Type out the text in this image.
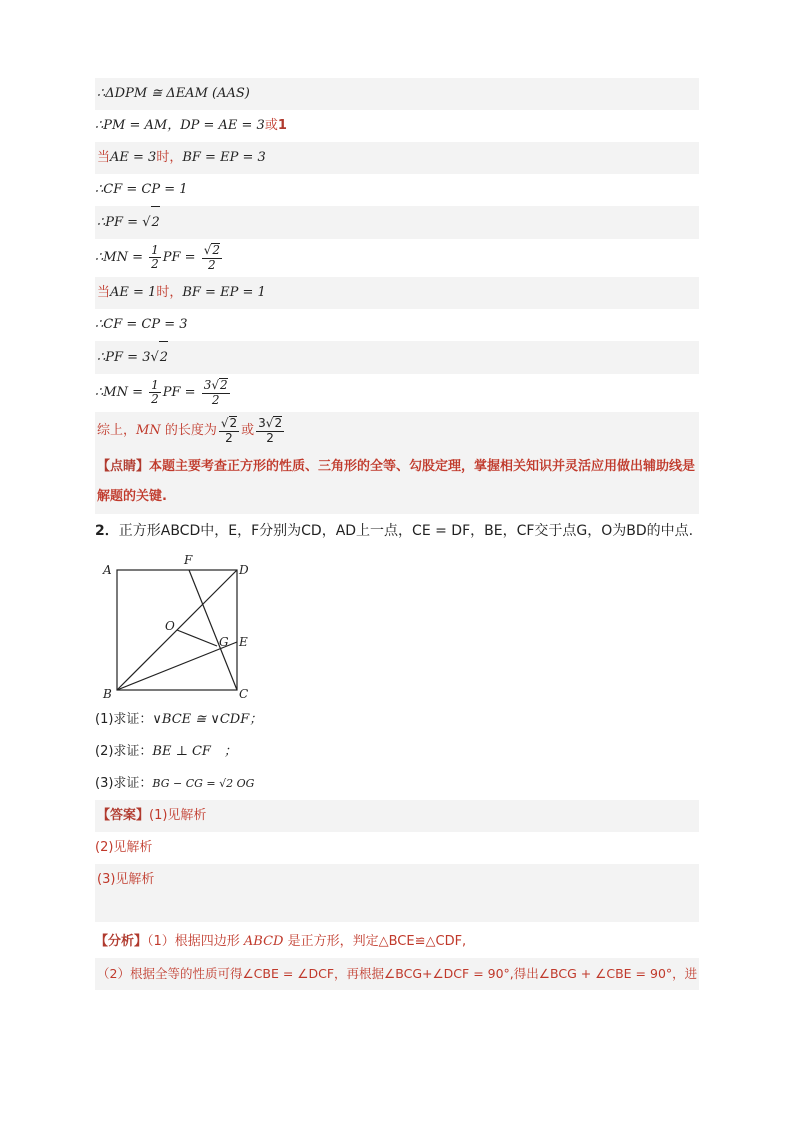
∴ΔDPM ≅ ΔEAM (AAS)
∴PM = AM，DP = AE = 3或1
当AE = 3时，BF = EP = 3
∴CF = CP = 1
∴PF = √2
∴MN = $\frac{1}{2}$ PF = $\frac{√2}{2}$
当AE = 1时，BF = EP = 1
∴CF = CP = 3
∴PF = 3√2
∴MN = $\frac{1}{2}$ PF = $\frac{3√2}{2}$
综上，MN 的长度为 $\frac{√2}{2}$ 或 $\frac{3√2}{2}$
【点睛】本题主要考查正方形的性质、三角形的全等、勾股定理，掌握相关知识并灵活应用做出辅助线是解题的关键.
2．正方形ABCD中，E，F分别为CD，AD上一点，CE = DF，BE，CF交于点G，O为BD的中点.
A
F
D
O
G E
B	C
(1)求证：∨BCE ≅ ∨CDF；
(2)求证：BE ⊥ CF　；
(3)求证：BG − CG = √2 OG
【答案】(1)见解析
(2)见解析
(3)见解析
【分析】（1）根据四边形 ABCD 是正方形，判定△BCE≌△CDF,
（2）根据全等的性质可得∠CBE = ∠DCF，再根据∠BCG+∠DCF = 90°,得出∠BCG + ∠CBE = 90°，进
